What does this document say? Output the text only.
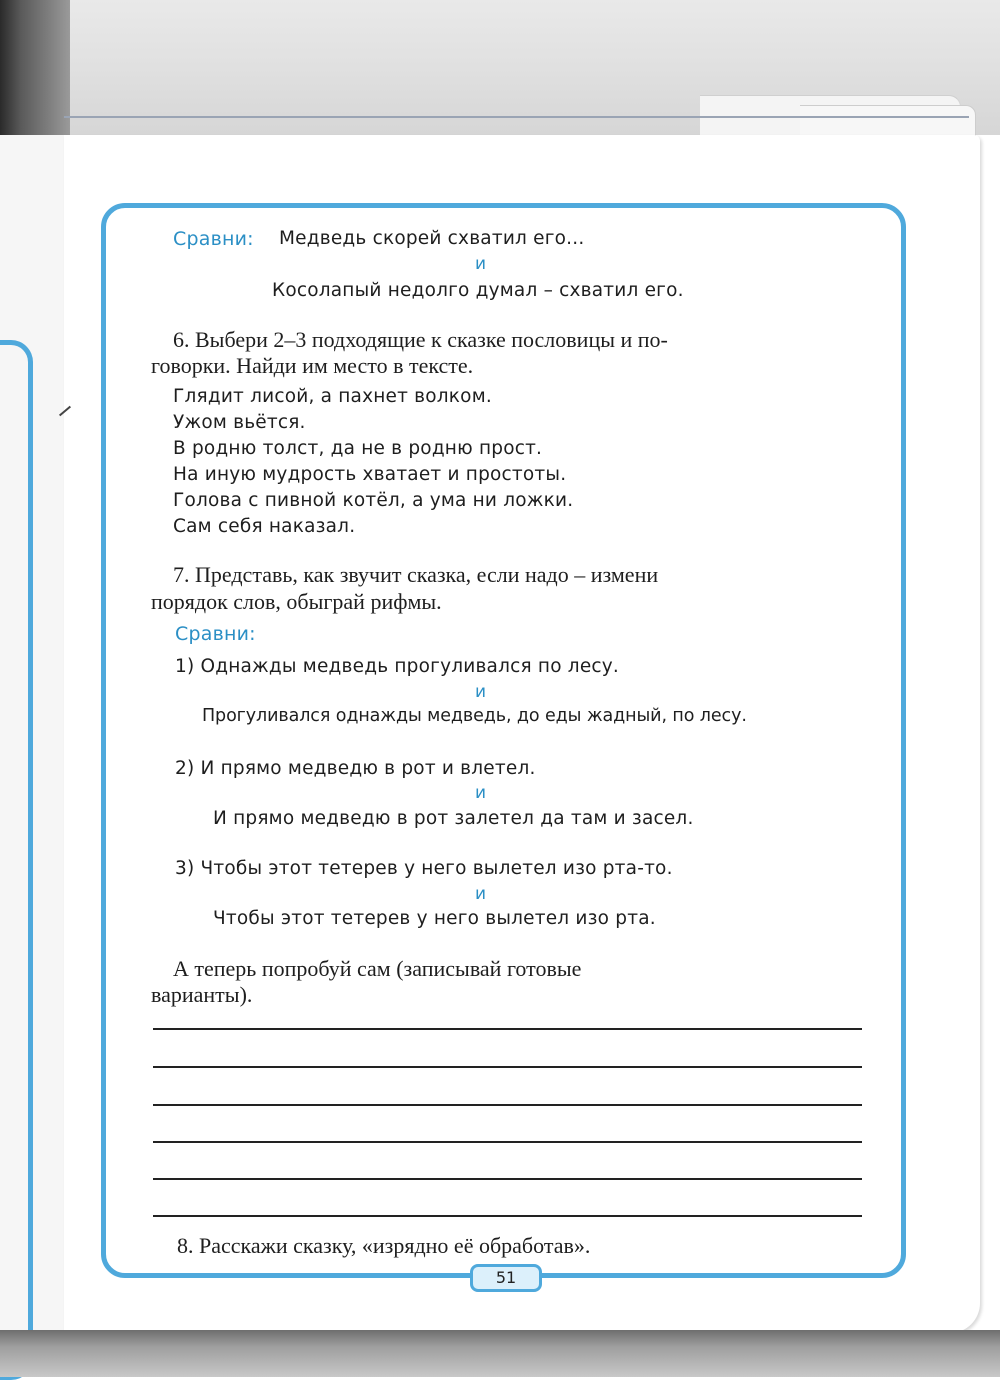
Сравни: Медведь скорей схватил его...
и
Косолапый недолго думал – схватил его.
6. Выбери 2–3 подходящие к сказке пословицы и по-
говорки. Найди им место в тексте.
Глядит лисой, а пахнет волком.
Ужом вьётся.
В родню толст, да не в родню прост.
На иную мудрость хватает и простоты.
Голова с пивной котёл, а ума ни ложки.
Сам себя наказал.
7. Представь, как звучит сказка, если надо – измени
порядок слов, обыграй рифмы.
Сравни:
1) Однажды медведь прогуливался по лесу.
и
Прогуливался однажды медведь, до еды жадный, по лесу.
2) И прямо медведю в рот и влетел.
и
И прямо медведю в рот залетел да там и засел.
3) Чтобы этот тетерев у него вылетел изо рта-то.
и
Чтобы этот тетерев у него вылетел изо рта.
А теперь попробуй сам (записывай готовые
варианты).
8. Расскажи сказку, «изрядно её обработав».
51
